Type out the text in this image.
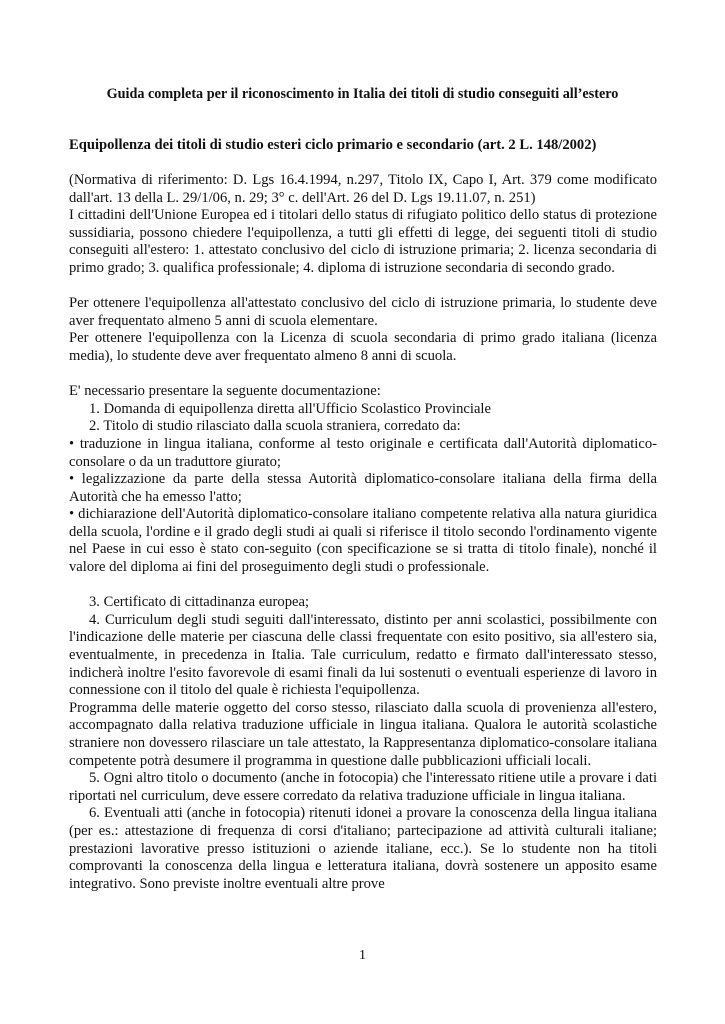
Guida completa per il riconoscimento in Italia dei titoli di studio conseguiti all’estero
Equipollenza dei titoli di studio esteri ciclo primario e secondario (art. 2 L. 148/2002)

(Normativa di riferimento: D. Lgs 16.4.1994, n.297, Titolo IX, Capo I, Art. 379 come modificato dall'art. 13 della L. 29/1/06, n. 29; 3° c. dell'Art. 26 del D. Lgs 19.11.07, n. 251)

I cittadini dell'Unione Europea ed i titolari dello status di rifugiato politico dello status di protezione sussidiaria, possono chiedere l'equipollenza, a tutti gli effetti di legge, dei seguenti titoli di studio conseguiti all'estero: 1. attestato conclusivo del ciclo di istruzione primaria; 2. licenza secondaria di primo grado; 3. qualifica professionale; 4. diploma di istruzione secondaria di secondo grado.

Per ottenere l'equipollenza all'attestato conclusivo del ciclo di istruzione primaria, lo studente deve aver frequentato almeno 5 anni di scuola elementare.

Per ottenere l'equipollenza con la Licenza di scuola secondaria di primo grado italiana (licenza media), lo studente deve aver frequentato almeno 8 anni di scuola.

E' necessario presentare la seguente documentazione:

1. Domanda di equipollenza diretta all'Ufficio Scolastico Provinciale

2. Titolo di studio rilasciato dalla scuola straniera, corredato da:

• traduzione in lingua italiana, conforme al testo originale e certificata dall'Autorità diplomatico-consolare o da un traduttore giurato;

• legalizzazione da parte della stessa Autorità diplomatico-consolare italiana della firma della Autorità che ha emesso l'atto;

• dichiarazione dell'Autorità diplomatico-consolare italiano competente relativa alla natura giuridica della scuola, l'ordine e il grado degli studi ai quali si riferisce il titolo secondo l'ordinamento vigente nel Paese in cui esso è stato con-seguito (con specificazione se si tratta di titolo finale), nonché il valore del diploma ai fini del proseguimento degli studi o professionale.

3. Certificato di cittadinanza europea;

4. Curriculum degli studi seguiti dall'interessato, distinto per anni scolastici, possibilmente con l'indicazione delle materie per ciascuna delle classi frequentate con esito positivo, sia all'estero sia, eventualmente, in precedenza in Italia. Tale curriculum, redatto e firmato dall'interessato stesso, indicherà inoltre l'esito favorevole di esami finali da lui sostenuti o eventuali esperienze di lavoro in connessione con il titolo del quale è richiesta l'equipollenza.

Programma delle materie oggetto del corso stesso, rilasciato dalla scuola di provenienza all'estero, accompagnato dalla relativa traduzione ufficiale in lingua italiana. Qualora le autorità scolastiche straniere non dovessero rilasciare un tale attestato, la Rappresentanza diplomatico-consolare italiana competente potrà desumere il programma in questione dalle pubblicazioni ufficiali locali.

5. Ogni altro titolo o documento (anche in fotocopia) che l'interessato ritiene utile a provare i dati riportati nel curriculum, deve essere corredato da relativa traduzione ufficiale in lingua italiana.

6. Eventuali atti (anche in fotocopia) ritenuti idonei a provare la conoscenza della lingua italiana (per es.: attestazione di frequenza di corsi d'italiano; partecipazione ad attività culturali italiane; prestazioni lavorative presso istituzioni o aziende italiane, ecc.). Se lo studente non ha titoli comprovanti la conoscenza della lingua e letteratura italiana, dovrà sostenere un apposito esame integrativo. Sono previste inoltre eventuali altre prove

1
